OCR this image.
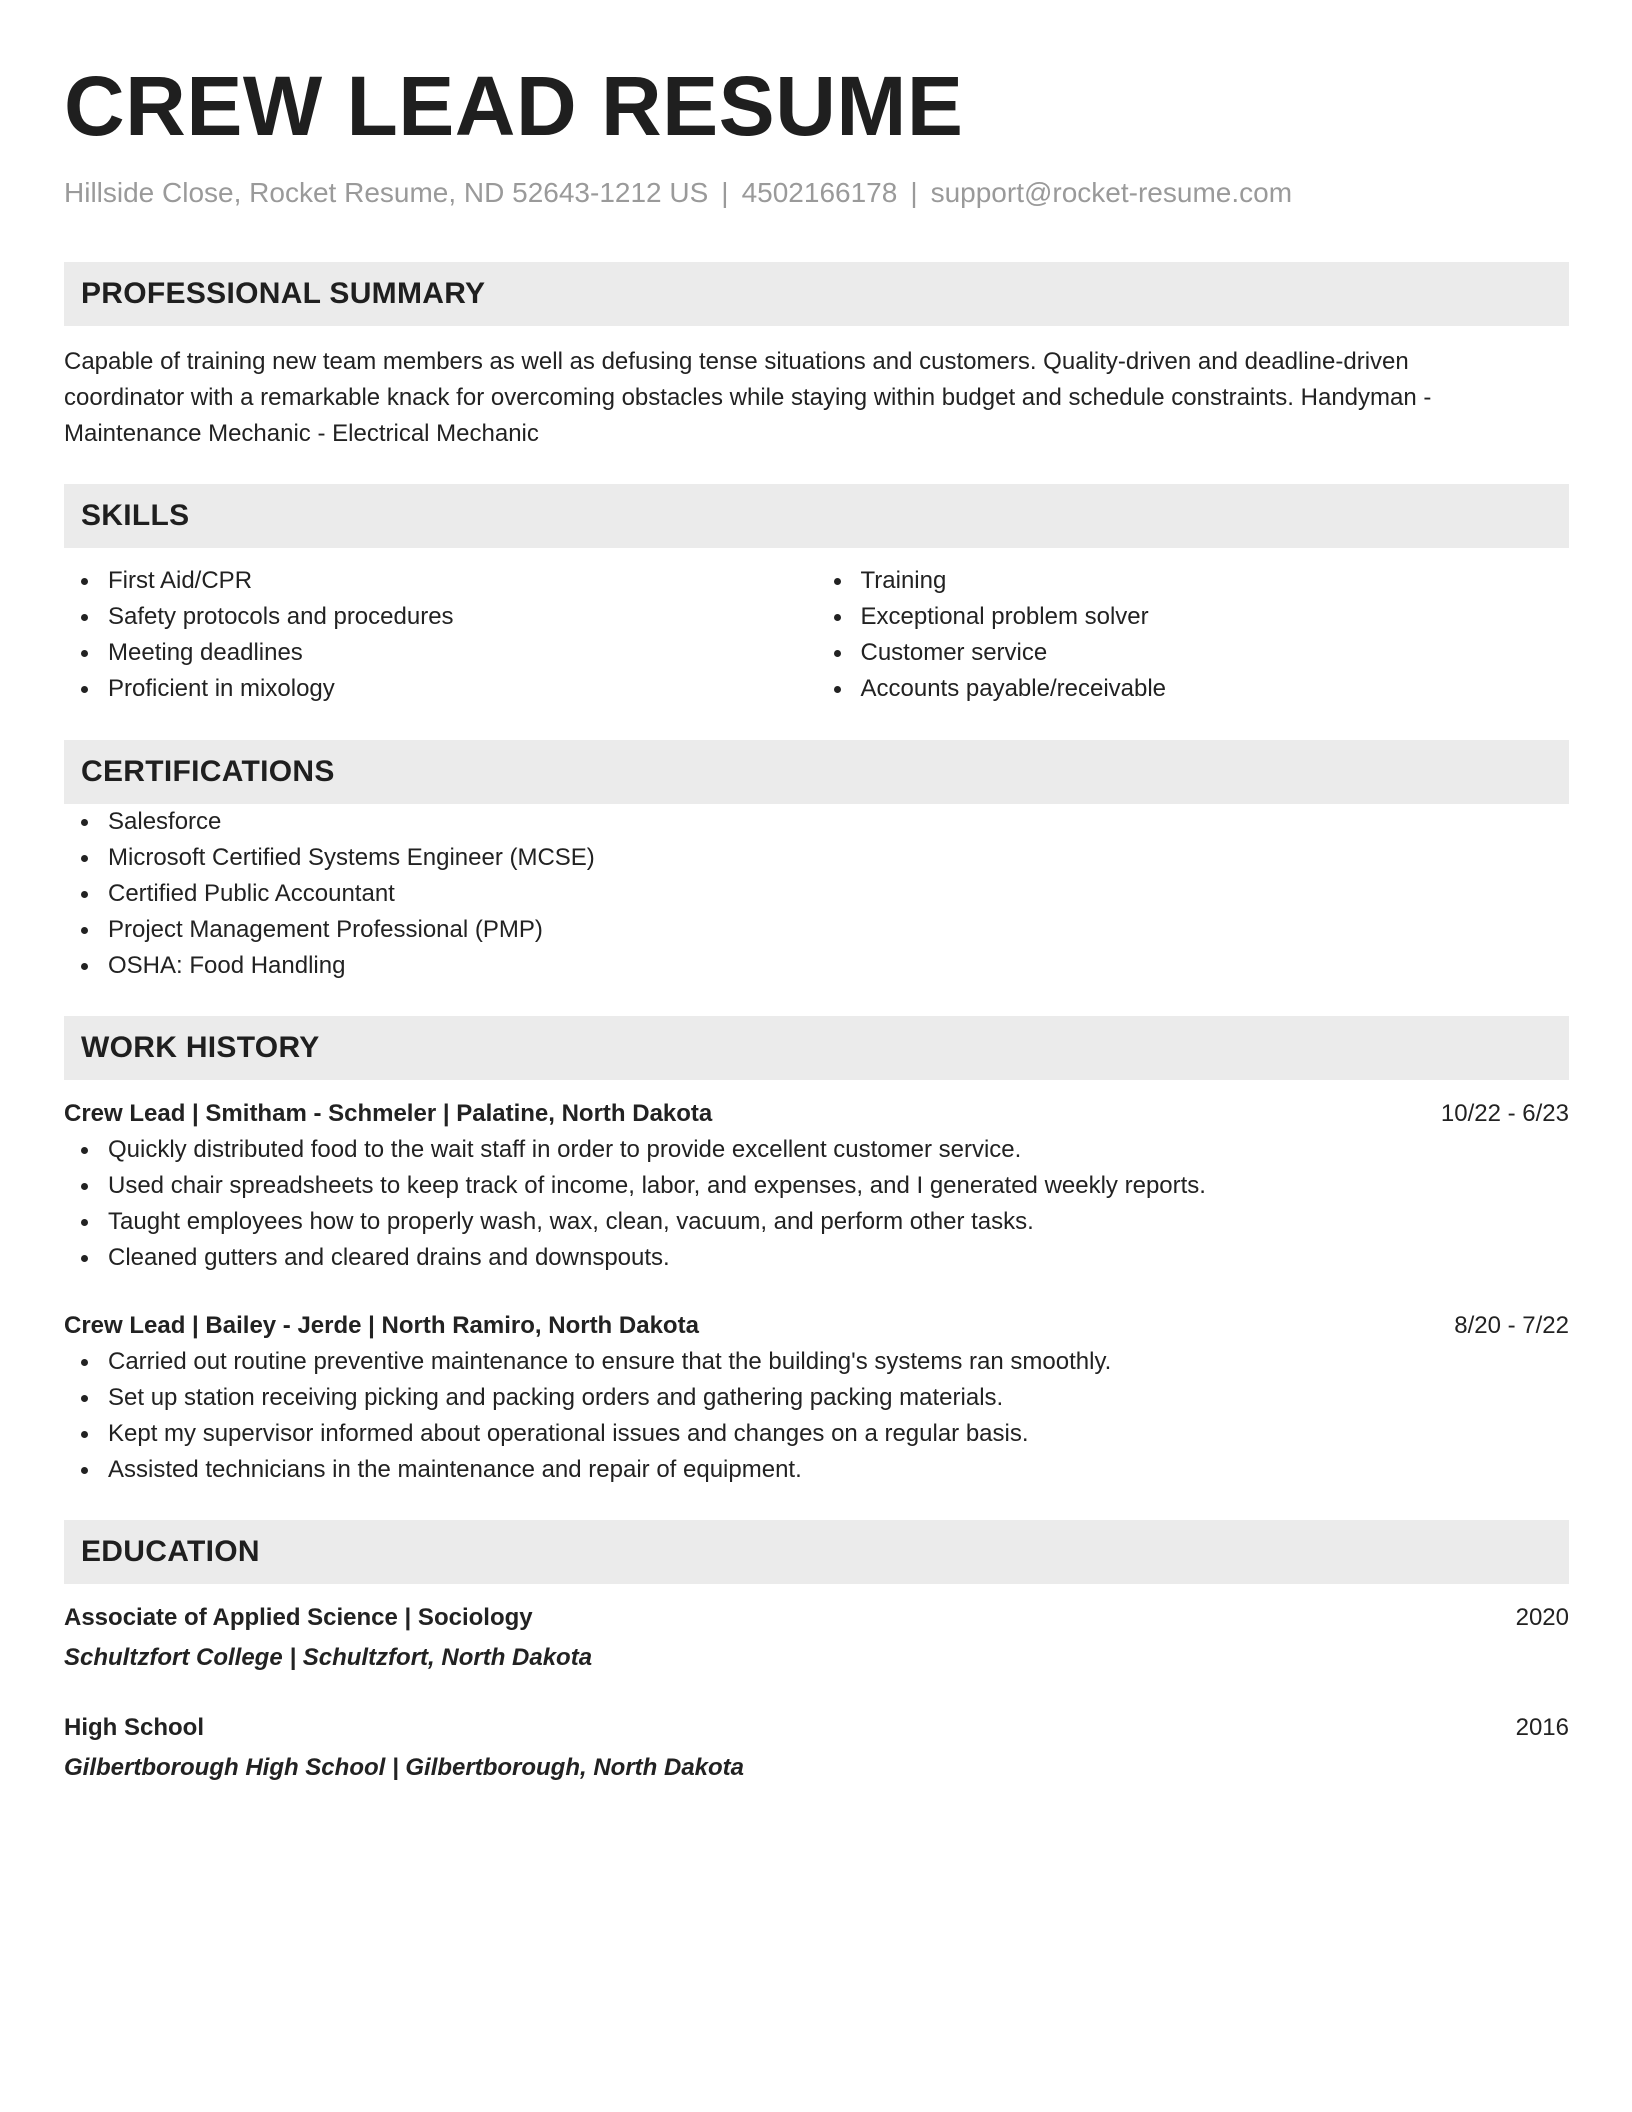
CREW LEAD RESUME
Hillside Close, Rocket Resume, ND 52643-1212 US | 4502166178 | support@rocket-resume.com
PROFESSIONAL SUMMARY
Capable of training new team members as well as defusing tense situations and customers. Quality-driven and deadline-driven coordinator with a remarkable knack for overcoming obstacles while staying within budget and schedule constraints. Handyman - Maintenance Mechanic - Electrical Mechanic
SKILLS
First Aid/CPR
Safety protocols and procedures
Meeting deadlines
Proficient in mixology
Training
Exceptional problem solver
Customer service
Accounts payable/receivable
CERTIFICATIONS
Salesforce
Microsoft Certified Systems Engineer (MCSE)
Certified Public Accountant
Project Management Professional (PMP)
OSHA: Food Handling
WORK HISTORY
Crew Lead | Smitham - Schmeler | Palatine, North Dakota	10/22 - 6/23
Quickly distributed food to the wait staff in order to provide excellent customer service.
Used chair spreadsheets to keep track of income, labor, and expenses, and I generated weekly reports.
Taught employees how to properly wash, wax, clean, vacuum, and perform other tasks.
Cleaned gutters and cleared drains and downspouts.
Crew Lead | Bailey - Jerde | North Ramiro, North Dakota	8/20 - 7/22
Carried out routine preventive maintenance to ensure that the building's systems ran smoothly.
Set up station receiving picking and packing orders and gathering packing materials.
Kept my supervisor informed about operational issues and changes on a regular basis.
Assisted technicians in the maintenance and repair of equipment.
EDUCATION
Associate of Applied Science | Sociology	2020
Schultzfort College | Schultzfort, North Dakota
High School	2016
Gilbertborough High School | Gilbertborough, North Dakota
